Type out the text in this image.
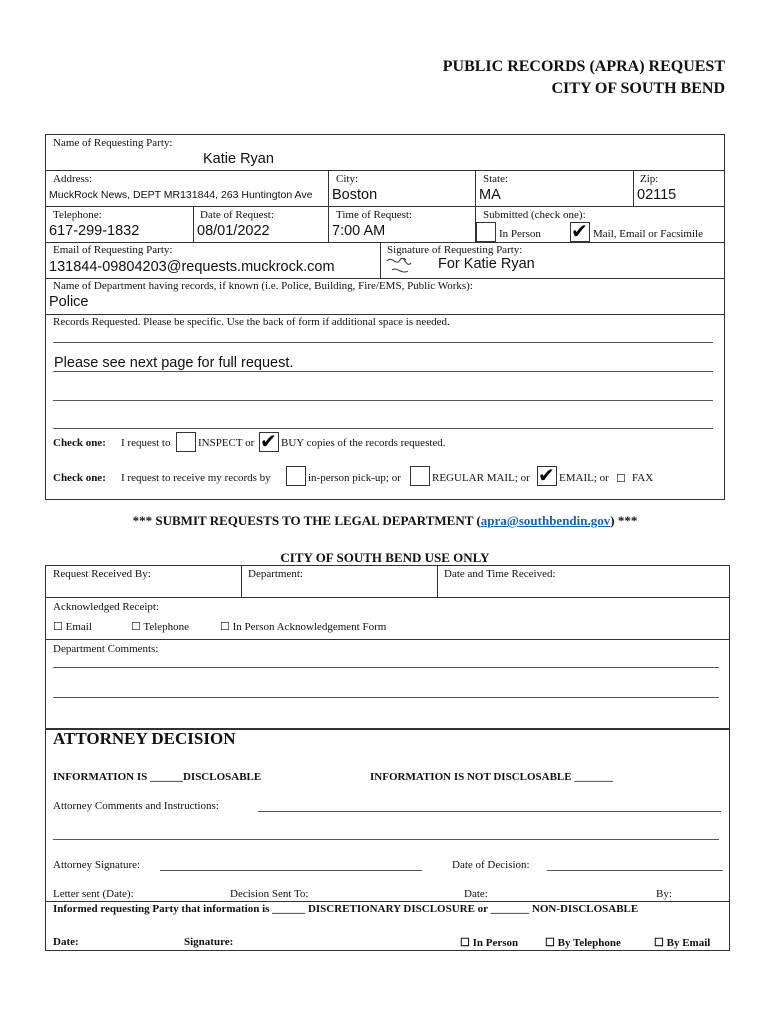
PUBLIC RECORDS (APRA) REQUEST
CITY OF SOUTH BEND
Name of Requesting Party:
Katie Ryan
Address:
MuckRock News, DEPT MR131844, 263 Huntington Ave
City:
Boston
State:
MA
Zip:
02115
Telephone:
617-299-1832
Date of Request:
08/01/2022
Time of Request:
7:00 AM
Submitted (check one):
In Person ✔ Mail, Email or Facsimile
Email of Requesting Party:
131844-09804203@requests.muckrock.com
Signature of Requesting Party:
For Katie Ryan
Name of Department having records, if known (i.e. Police, Building, Fire/EMS, Public Works):
Police
Records Requested. Please be specific. Use the back of form if additional space is needed.
Please see next page for full request.
Check one: I request to	INSPECT or ✔ BUY copies of the records requested.
Check one: I request to receive my records by	in-person pick-up; or	REGULAR MAIL; or ✔ EMAIL; or ☐ FAX
*** SUBMIT REQUESTS TO THE LEGAL DEPARTMENT (apra@southbendin.gov) ***
CITY OF SOUTH BEND USE ONLY
Request Received By:	Department:	Date and Time Received:
Acknowledged Receipt:
☐ Email	☐ Telephone	☐ In Person Acknowledgement Form
Department Comments:
ATTORNEY DECISION
INFORMATION IS ______DISCLOSABLE	INFORMATION IS NOT DISCLOSABLE _______
Attorney Comments and Instructions:
Attorney Signature:	Date of Decision:
Letter sent (Date):	Decision Sent To:	Date:	By:
Informed requesting Party that information is ______ DISCRETIONARY DISCLOSURE or _______ NON-DISCLOSABLE
Date:	Signature:	☐ In Person ☐ By Telephone	☐ By Email
